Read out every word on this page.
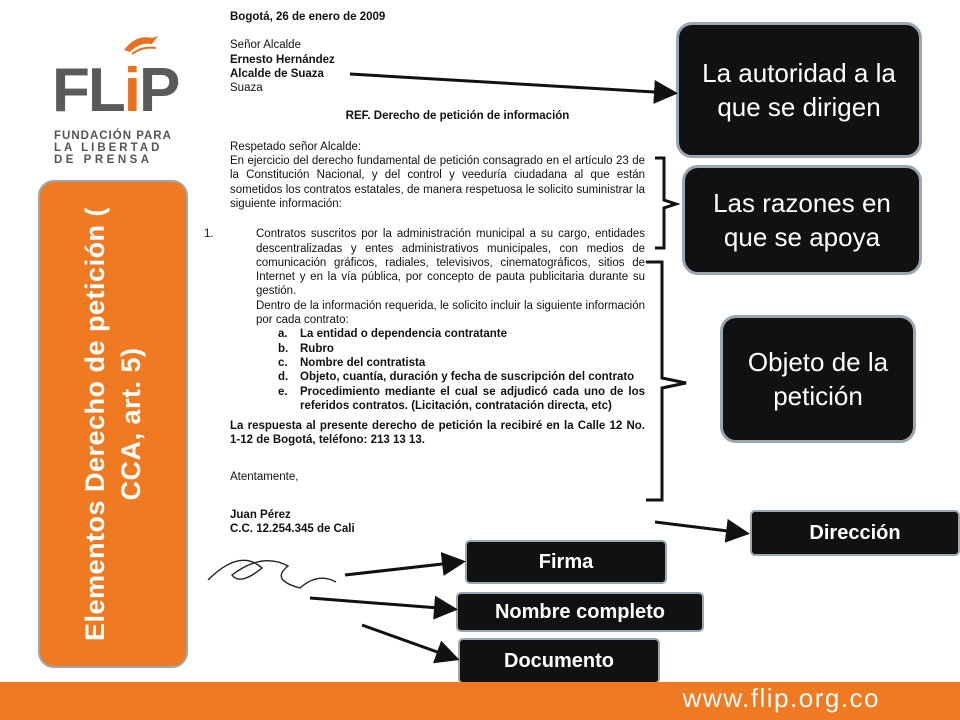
FLiP
FUNDACIÓN PARA
LA LIBERTAD
DE PRENSA
Elementos Derecho de petición ( CCA, art. 5)

Bogotá, 26 de enero de 2009

Señor Alcalde

Ernesto Hernández

Alcalde de Suaza

Suaza

REF. Derecho de petición de información

Respetado señor Alcalde:

En ejercicio del derecho fundamental de petición consagrado en el artículo 23 de la Constitución Nacional, y del control y veeduría ciudadana al que están sometidos los contratos estatales, de manera respetuosa le solicito suministrar la siguiente información:

1.	Contratos suscritos por la administración municipal a su cargo, entidades descentralizadas y entes administrativos municipales, con medios de comunicación gráficos, radiales, televisivos, cinematográficos, sitios de Internet y en la vía pública, por concepto de pauta publicitaria durante su gestión.

Dentro de la información requerida, le solicito incluir la siguiente información por cada contrato:

a. La entidad o dependencia contratante
b. Rubro
c. Nombre del contratista
d. Objeto, cuantía, duración y fecha de suscripción del contrato
e. Procedimiento mediante el cual se adjudicó cada uno de los referidos contratos. (Licitación, contratación directa, etc)

La respuesta al presente derecho de petición la recibiré en la Calle 12 No. 1-12 de Bogotá, teléfono: 213 13 13.

Atentamente,

Juan Pérez

C.C. 12.254.345 de Cali

La autoridad a la que se dirigen
Las razones en que se apoya
Objeto de la petición
Dirección
Firma
Nombre completo
Documento
www.flip.org.co
